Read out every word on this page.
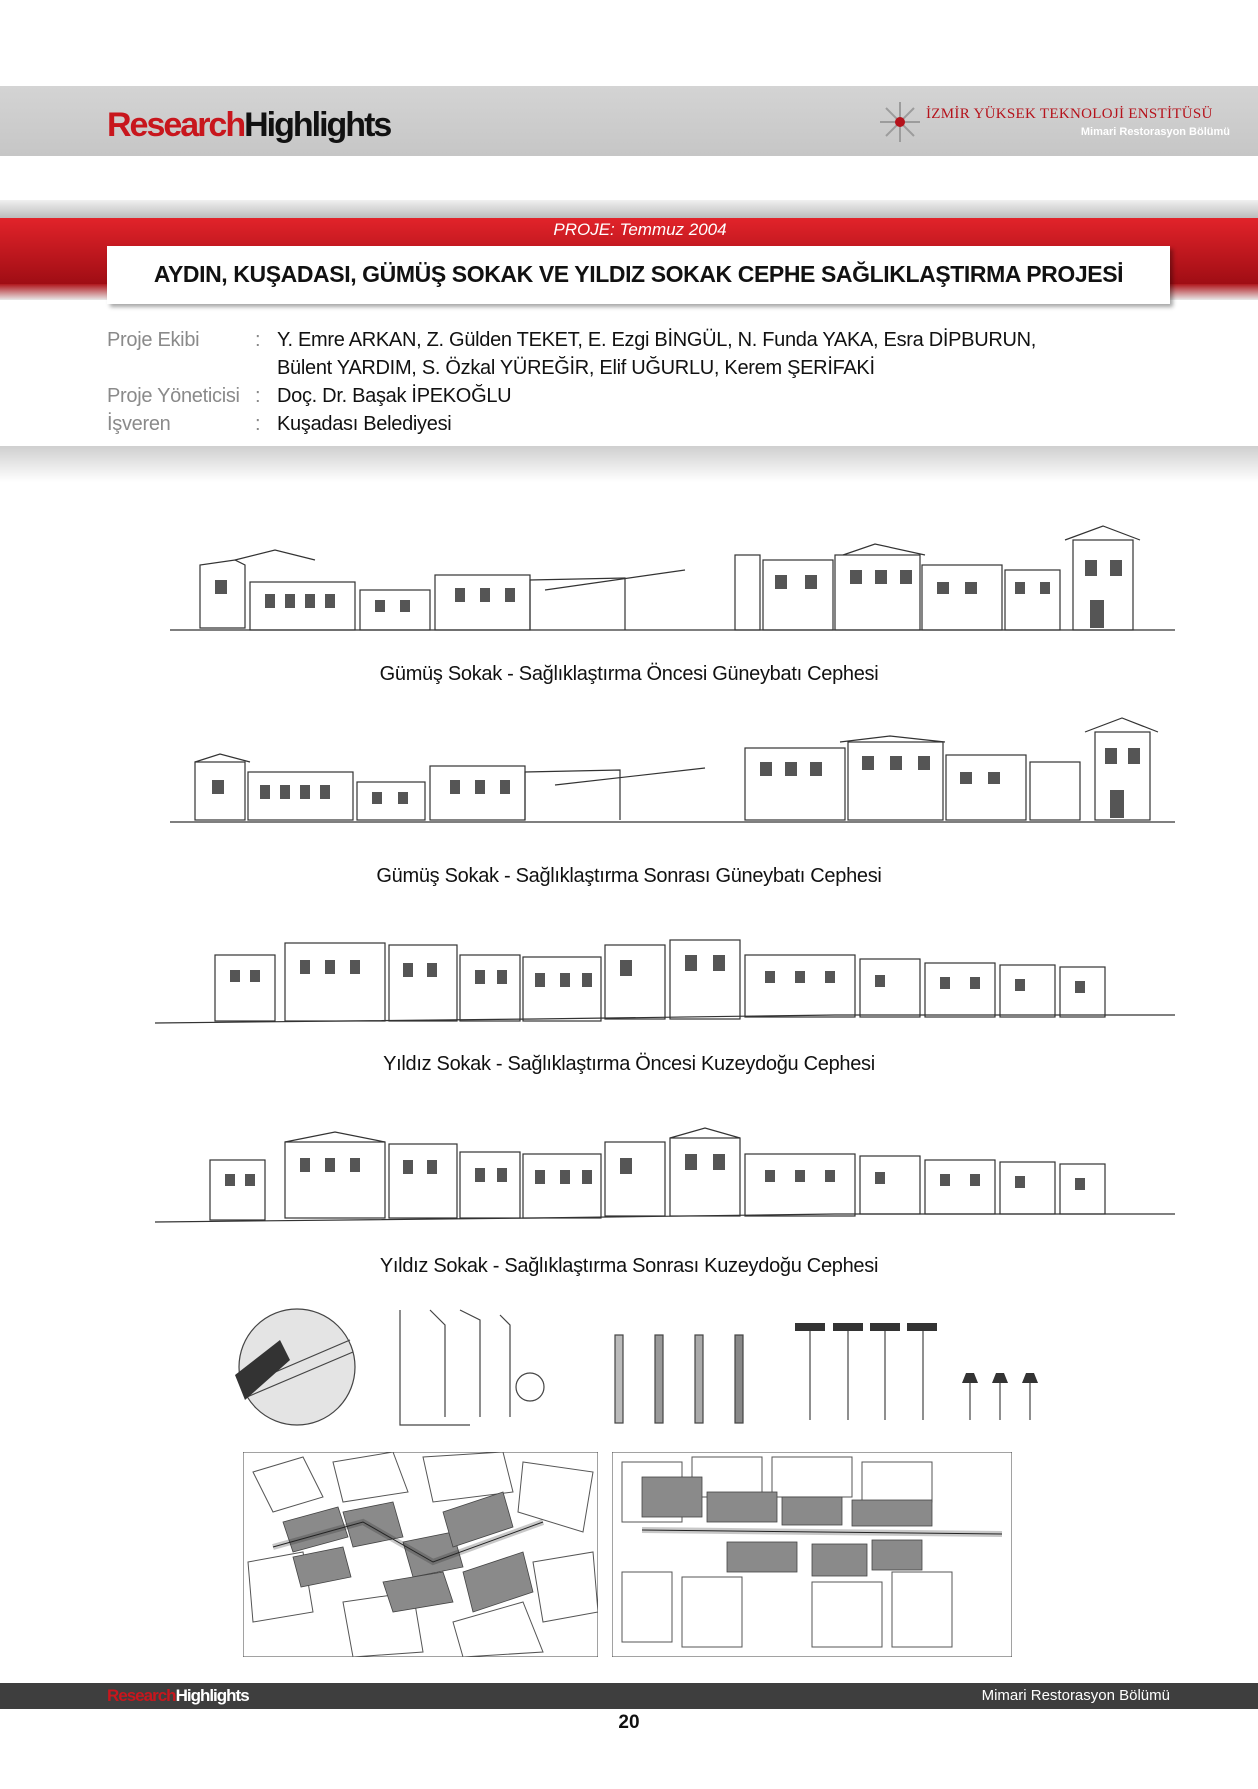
ResearchHighlights	İZMİR YÜKSEK TEKNOLOJİ ENSTİTÜSÜ
Mimari Restorasyon Bölümü
PROJE: Temmuz 2004
AYDIN, KUŞADASI, GÜMÜŞ SOKAK VE YILDIZ SOKAK CEPHE SAĞLIKLAŞTIRMA PROJESİ
Proje Ekibi	: Y. Emre ARKAN, Z. Gülden TEKET, E. Ezgi BİNGÜL, N. Funda YAKA, Esra DİPBURUN,
Bülent YARDIM, S. Özkal YÜREĞİR, Elif UĞURLU, Kerem ŞERİFAKİ
Proje Yöneticisi : Doç. Dr. Başak İPEKOĞLU
İşveren	: Kuşadası Belediyesi
Gümüş Sokak - Sağlıklaştırma Öncesi Güneybatı Cephesi
Gümüş Sokak - Sağlıklaştırma Sonrası Güneybatı Cephesi
Yıldız Sokak - Sağlıklaştırma Öncesi Kuzeydoğu Cephesi
Yıldız Sokak - Sağlıklaştırma Sonrası Kuzeydoğu Cephesi
ResearchHighlights	Mimari Restorasyon Bölümü
20
